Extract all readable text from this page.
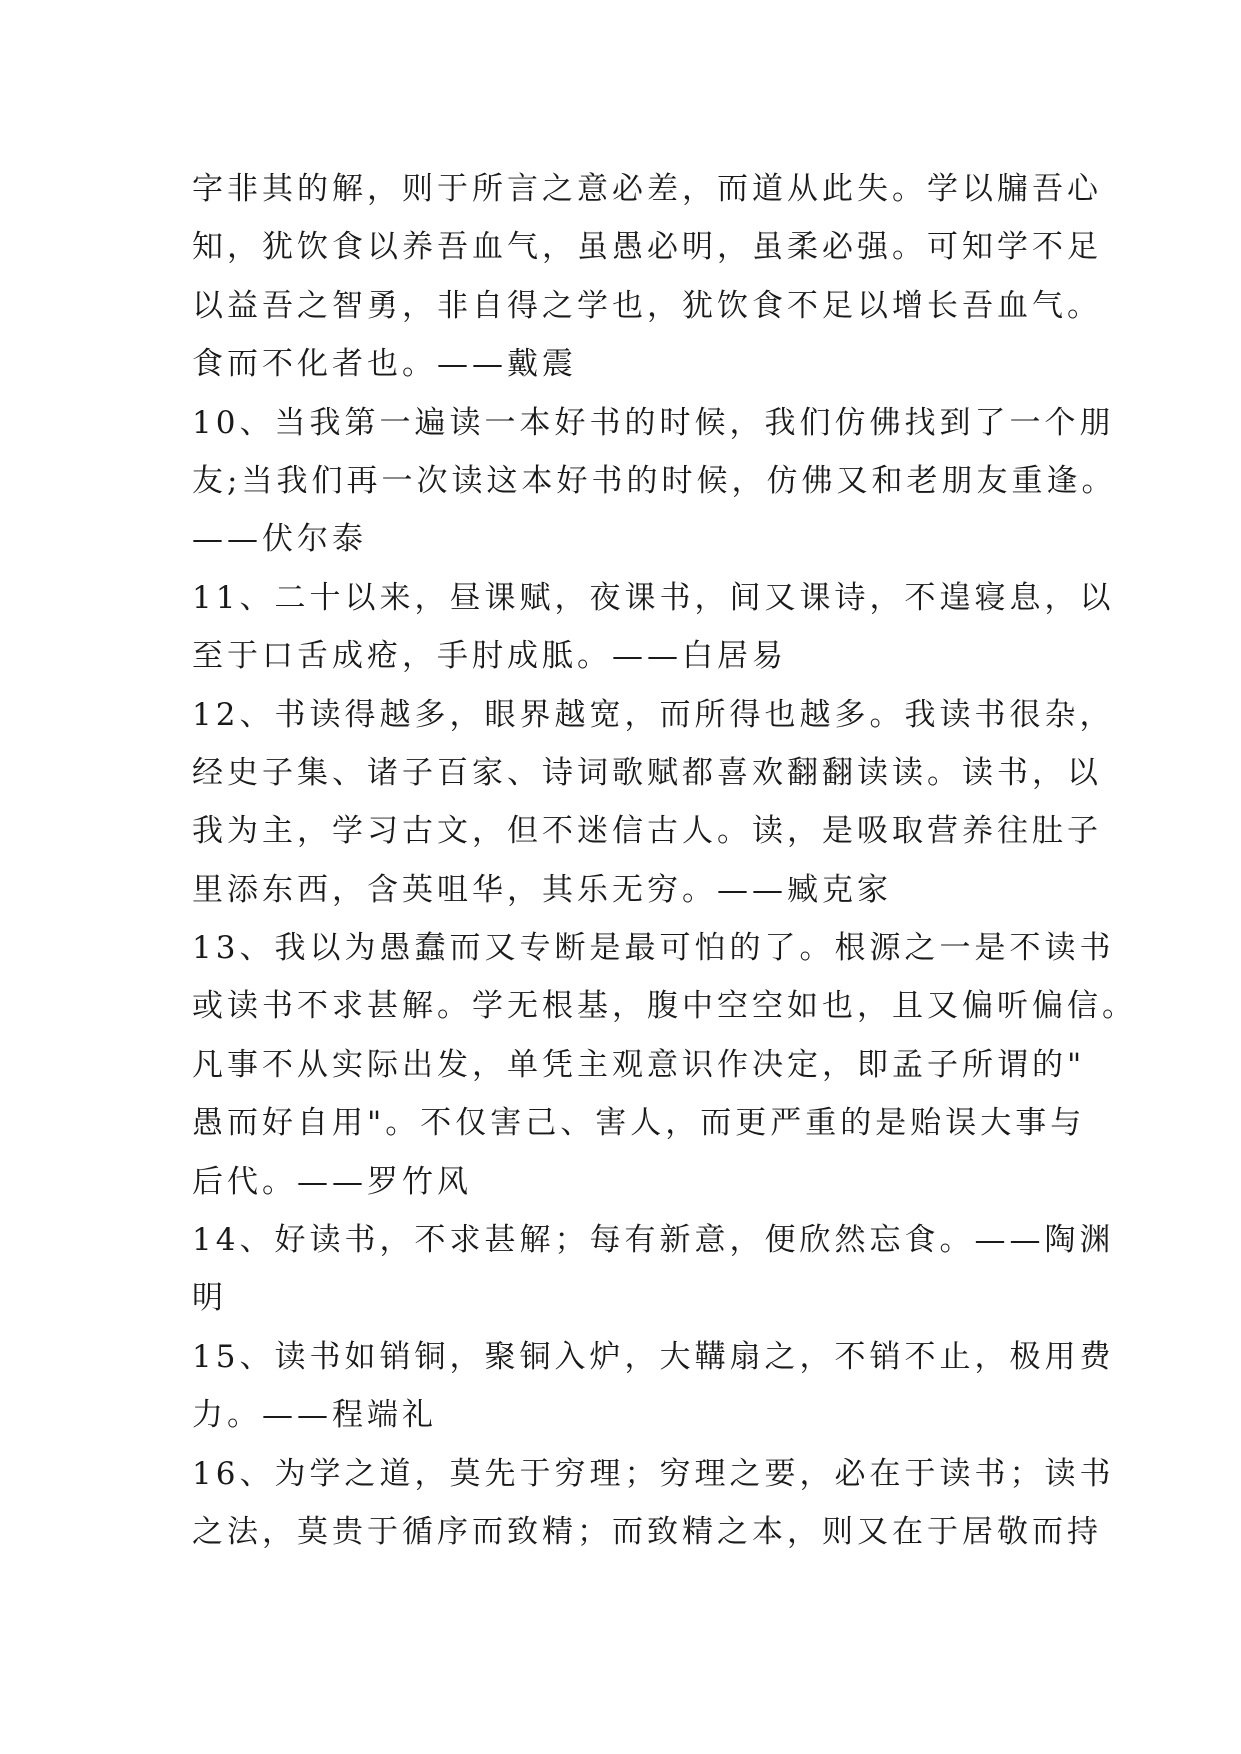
字非其的解，则于所言之意必差，而道从此失。学以牖吾心
知，犹饮食以养吾血气，虽愚必明，虽柔必强。可知学不足
以益吾之智勇，非自得之学也，犹饮食不足以增长吾血气。
食而不化者也。——戴震
10、当我第一遍读一本好书的时候，我们仿佛找到了一个朋
友;当我们再一次读这本好书的时候，仿佛又和老朋友重逢。
——伏尔泰
11、二十以来，昼课赋，夜课书，间又课诗，不遑寝息，以
至于口舌成疮，手肘成胝。——白居易
12、书读得越多，眼界越宽，而所得也越多。我读书很杂，
经史子集、诸子百家、诗词歌赋都喜欢翻翻读读。读书，以
我为主，学习古文，但不迷信古人。读，是吸取营养往肚子
里添东西，含英咀华，其乐无穷。——臧克家
13、我以为愚蠢而又专断是最可怕的了。根源之一是不读书
或读书不求甚解。学无根基，腹中空空如也，且又偏听偏信。
凡事不从实际出发，单凭主观意识作决定，即孟子所谓的"
愚而好自用"。不仅害己、害人，而更严重的是贻误大事与
后代。——罗竹风
14、好读书，不求甚解；每有新意，便欣然忘食。——陶渊
明
15、读书如销铜，聚铜入炉，大鞲扇之，不销不止，极用费
力。——程端礼
16、为学之道，莫先于穷理；穷理之要，必在于读书；读书
之法，莫贵于循序而致精；而致精之本，则又在于居敬而持
